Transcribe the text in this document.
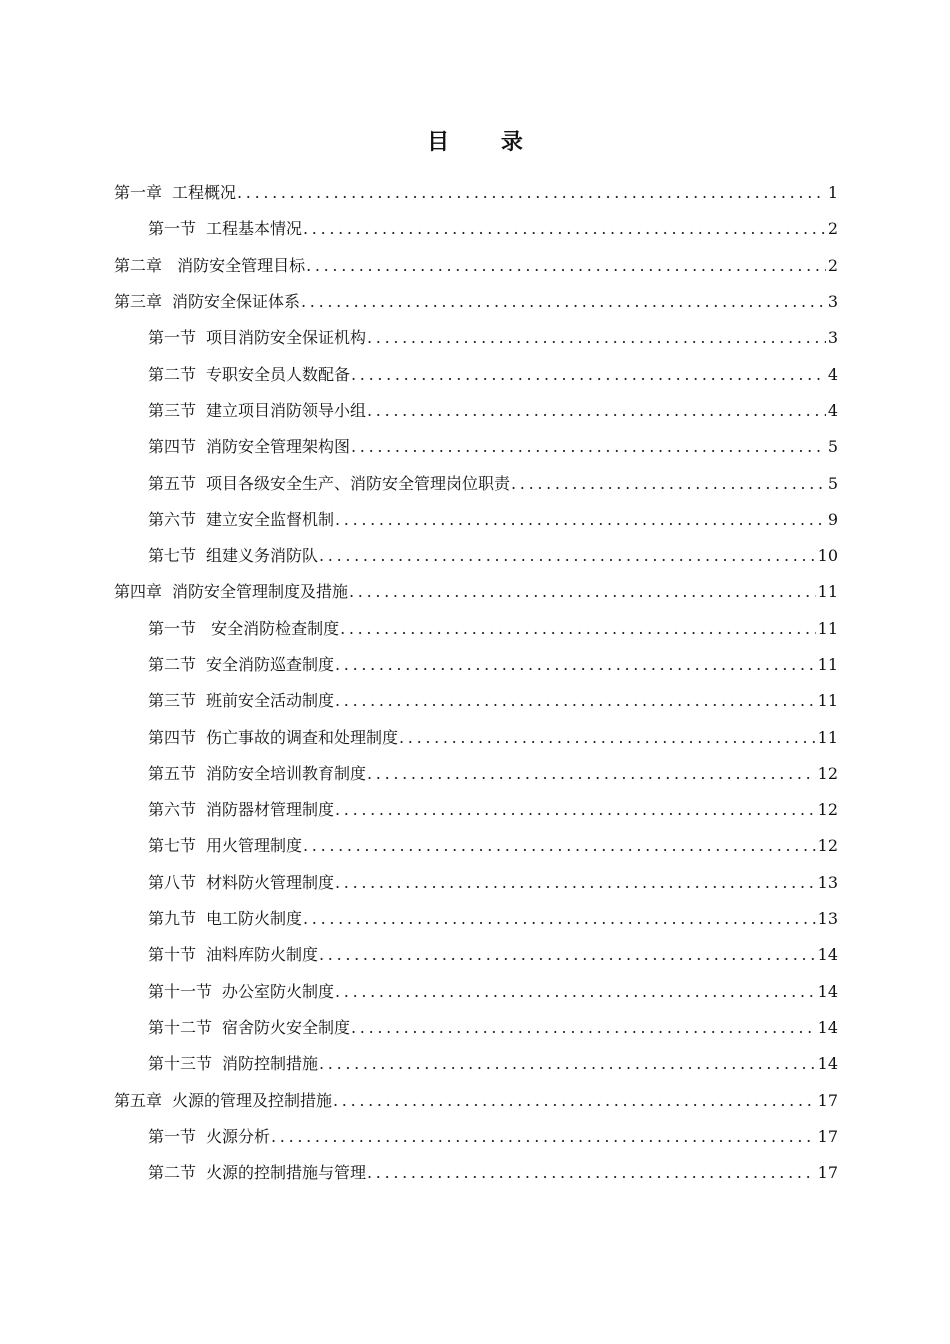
目 录
第一章 工程概况 . . .	1
第一节 工程基本情况 . . .	2
第二章 消防安全管理目标 . . .	2
第三章 消防安全保证体系 . . .	3
第一节 项目消防安全保证机构 . . .	3
第二节 专职安全员人数配备 . . .	4
第三节 建立项目消防领导小组 . . .	4
第四节 消防安全管理架构图 . . .	5
第五节 项目各级安全生产、消防安全管理岗位职责 . . .	5
第六节 建立安全监督机制 . . .	9
第七节 组建义务消防队 . . .	10
第四章 消防安全管理制度及措施 . . .	11
第一节 安全消防检查制度 . . .	11
第二节 安全消防巡查制度 . . .	11
第三节 班前安全活动制度 . . .	11
第四节 伤亡事故的调查和处理制度 . . .	11
第五节 消防安全培训教育制度 . . .	12
第六节 消防器材管理制度 . . .	12
第七节 用火管理制度 . . .	12
第八节 材料防火管理制度 . . .	13
第九节 电工防火制度 . . .	13
第十节 油料库防火制度 . . .	14
第十一节 办公室防火制度 . . .	14
第十二节 宿舍防火安全制度 . . .	14
第十三节 消防控制措施 . . .	14
第五章 火源的管理及控制措施 . . .	17
第一节 火源分析 . . .	17
第二节 火源的控制措施与管理 . . .	17
